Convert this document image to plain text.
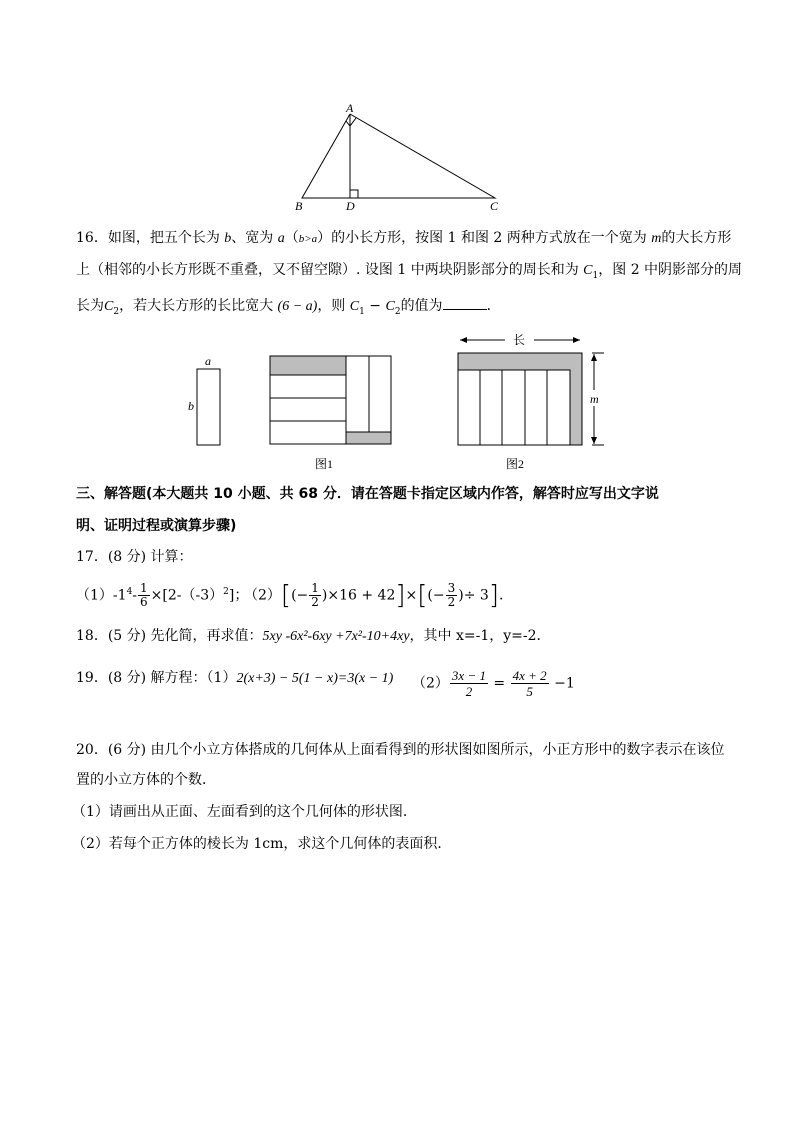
A
B	D	C
16．如图，把五个长为 b、宽为 a（b>a）的小长方形，按图 1 和图 2 两种方式放在一个宽为 m的大长方形
上（相邻的小长方形既不重叠，又不留空隙）. 设图 1 中两块阴影部分的周长和为 $C_1$，图 2 中阴影部分的周
长为$C_2$，若大长方形的长比宽大 (6 − a)，则 $C_1 - C_2$的值为	．
a
b
图1
长
m
图2
三、解答题(本大题共 10 小题、共 68 分．请在答题卡指定区域内作答，解答时应写出文字说
明、证明过程或演算步骤)
17．(8 分) 计算：
$(1)-1^4- \frac{1}{6} \times[2-(-3)^2]$；
$(2)[(- \frac{1}{2} )\times 16 + 42]\times[(- \frac{3}{2}$ )÷ 3].
18．(5 分) 先化简，再求值：5xy -6x²-6xy +7x²-10+4xy，其中 x=-1，y=-2．
19．(8 分) 解方程：（1）2(x+3) − 5(1 − x)=3(x − 1) $(2) \frac{3x - 1}{2} = \frac{4x + 2}{5} -1$
20．(6 分) 由几个小立方体搭成的几何体从上面看得到的形状图如图所示，小正方形中的数字表示在该位
置的小立方体的个数．
（1）请画出从正面、左面看到的这个几何体的形状图．
（2）若每个正方体的棱长为 1cm，求这个几何体的表面积．
